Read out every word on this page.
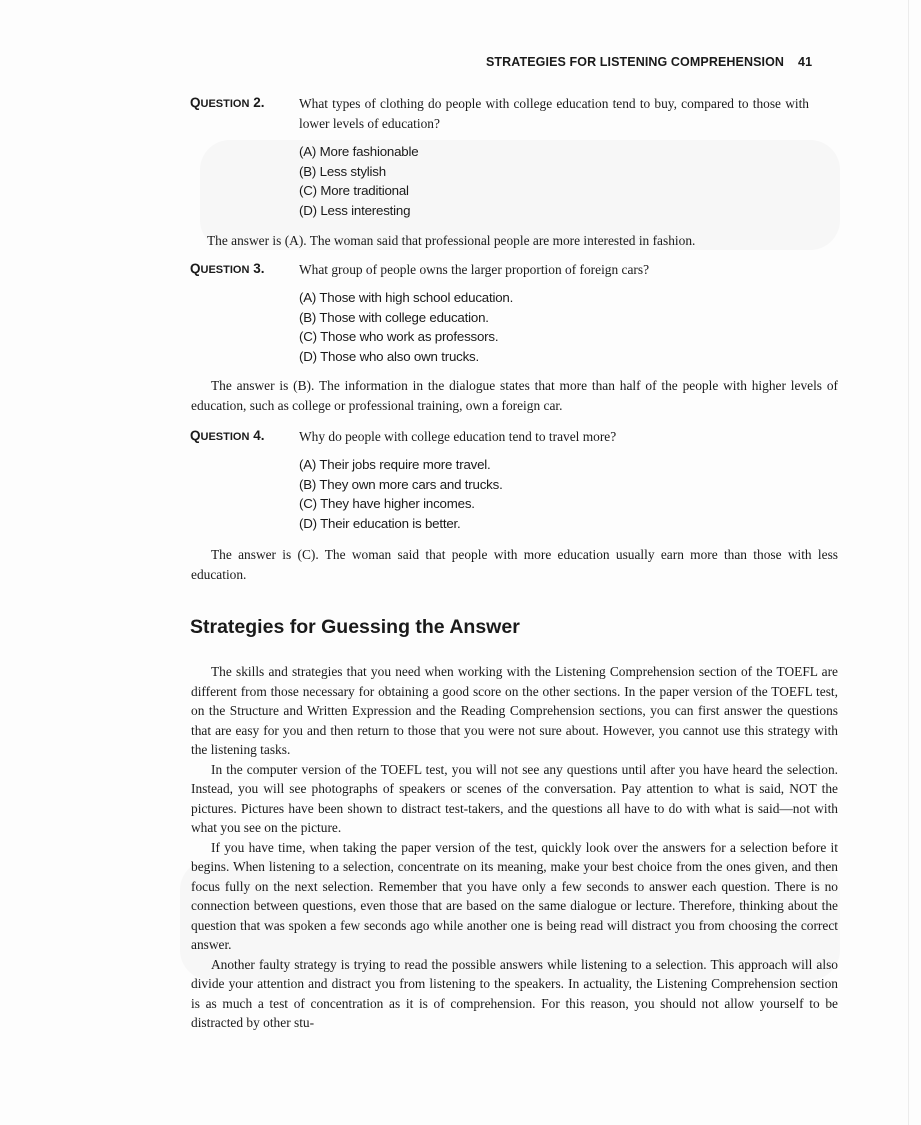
STRATEGIES FOR LISTENING COMPREHENSION 41
QUESTION 2.	What types of clothing do people with college education tend to buy, compared to those with lower levels of education?
(A) More fashionable
(B) Less stylish
(C) More traditional
(D) Less interesting
The answer is (A). The woman said that professional people are more interested in fashion.
QUESTION 3.	What group of people owns the larger proportion of foreign cars?
(A) Those with high school education.
(B) Those with college education.
(C) Those who work as professors.
(D) Those who also own trucks.
The answer is (B). The information in the dialogue states that more than half of the people with higher levels of education, such as college or professional training, own a foreign car.
QUESTION 4.	Why do people with college education tend to travel more?
(A) Their jobs require more travel.
(B) They own more cars and trucks.
(C) They have higher incomes.
(D) Their education is better.
The answer is (C). The woman said that people with more education usually earn more than those with less education.
Strategies for Guessing the Answer

The skills and strategies that you need when working with the Listening Comprehension section of the TOEFL are different from those necessary for obtaining a good score on the other sections. In the paper version of the TOEFL test, on the Structure and Written Expression and the Reading Comprehension sections, you can first answer the questions that are easy for you and then return to those that you were not sure about. However, you cannot use this strategy with the listening tasks.

In the computer version of the TOEFL test, you will not see any questions until after you have heard the selection. Instead, you will see photographs of speakers or scenes of the conversation. Pay attention to what is said, NOT the pictures. Pictures have been shown to distract test-takers, and the questions all have to do with what is said—not with what you see on the picture.

If you have time, when taking the paper version of the test, quickly look over the answers for a selection before it begins. When listening to a selection, concentrate on its meaning, make your best choice from the ones given, and then focus fully on the next selection. Remember that you have only a few seconds to answer each question. There is no connection between questions, even those that are based on the same dialogue or lecture. Therefore, thinking about the question that was spoken a few seconds ago while another one is being read will distract you from choosing the correct answer.

Another faulty strategy is trying to read the possible answers while listening to a selection. This approach will also divide your attention and distract you from listening to the speakers. In actuality, the Listening Comprehension section is as much a test of concentration as it is of comprehension. For this reason, you should not allow yourself to be distracted by other stu-
